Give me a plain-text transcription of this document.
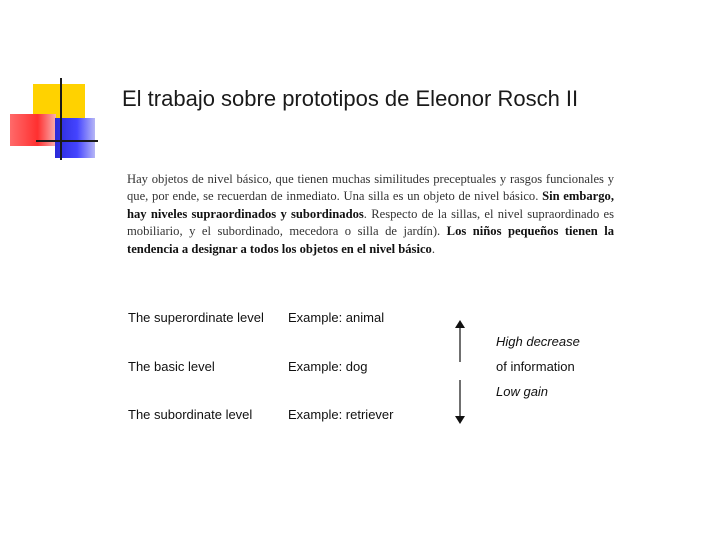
El trabajo sobre prototipos de Eleonor Rosch II

Hay objetos de nivel básico, que tienen muchas similitudes preceptuales y rasgos funcionales y que, por ende, se recuerdan de inmediato. Una silla es un objeto de nivel básico. Sin embargo, hay niveles supraordinados y subordinados. Respecto de la sillas, el nivel supraordinado es mobiliario, y el subordinado, mecedora o silla de jardín). Los niños pequeños tienen la tendencia a designar a todos los objetos en el nivel básico.

The superordinate level Example: animal
The basic level	Example: dog
The subordinate level	Example: retriever
High decrease
of information
Low gain
